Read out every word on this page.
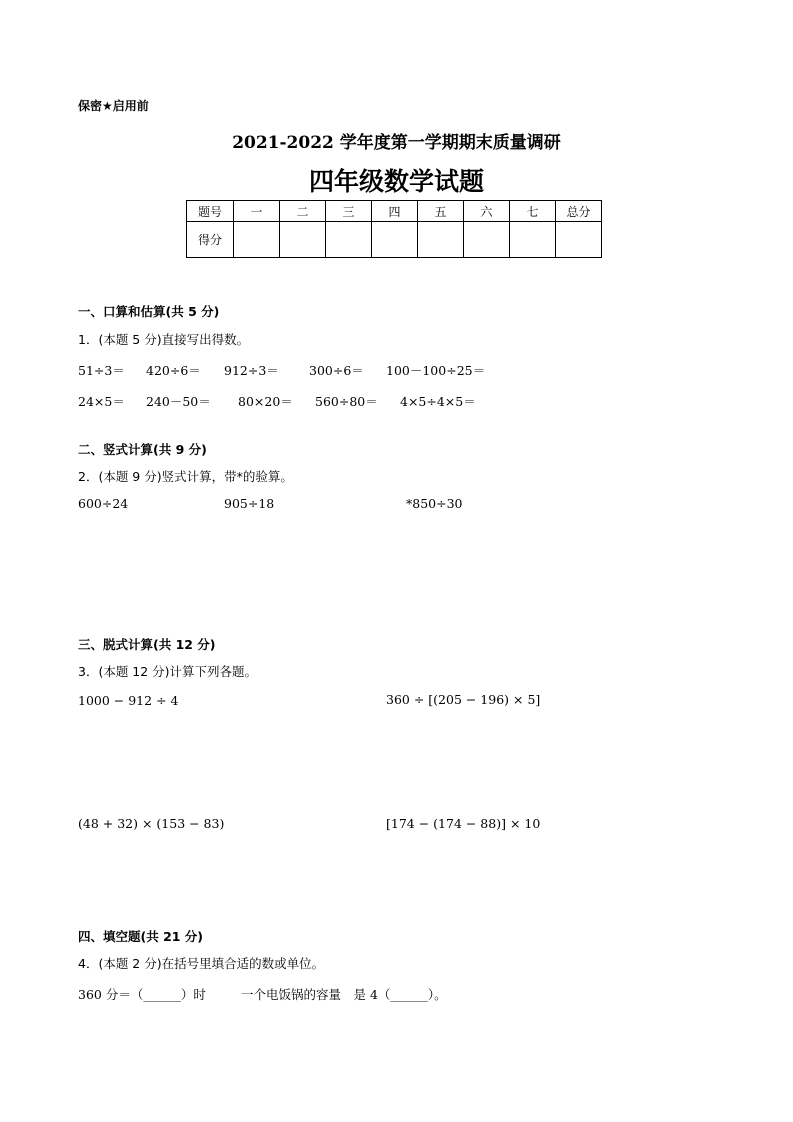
保密★启用前
2021-2022 学年度第一学期期末质量调研
四年级数学试题
题号	一	二	三	四	五	六	七	总分
得分								
一、口算和估算(共 5 分)
1．(本题 5 分)直接写出得数。
51÷3＝ 420÷6＝ 912÷3＝ 300÷6＝ 100－100÷25＝
24×5＝ 240－50＝ 80×20＝ 560÷80＝ 4×5÷4×5＝
二、竖式计算(共 9 分)
2．(本题 9 分)竖式计算，带*的验算。
600÷24	905÷18	*850÷30
三、脱式计算(共 12 分)
3．(本题 12 分)计算下列各题。
1000 − 912 ÷ 4	360 ÷ [(205 − 196) × 5]
(48 + 32) × (153 − 83)	[174 − (174 − 88)] × 10
四、填空题(共 21 分)
4．(本题 2 分)在括号里填合适的数或单位。
360 分＝（______）时	一个电饭锅的容量　是 4（______）。
